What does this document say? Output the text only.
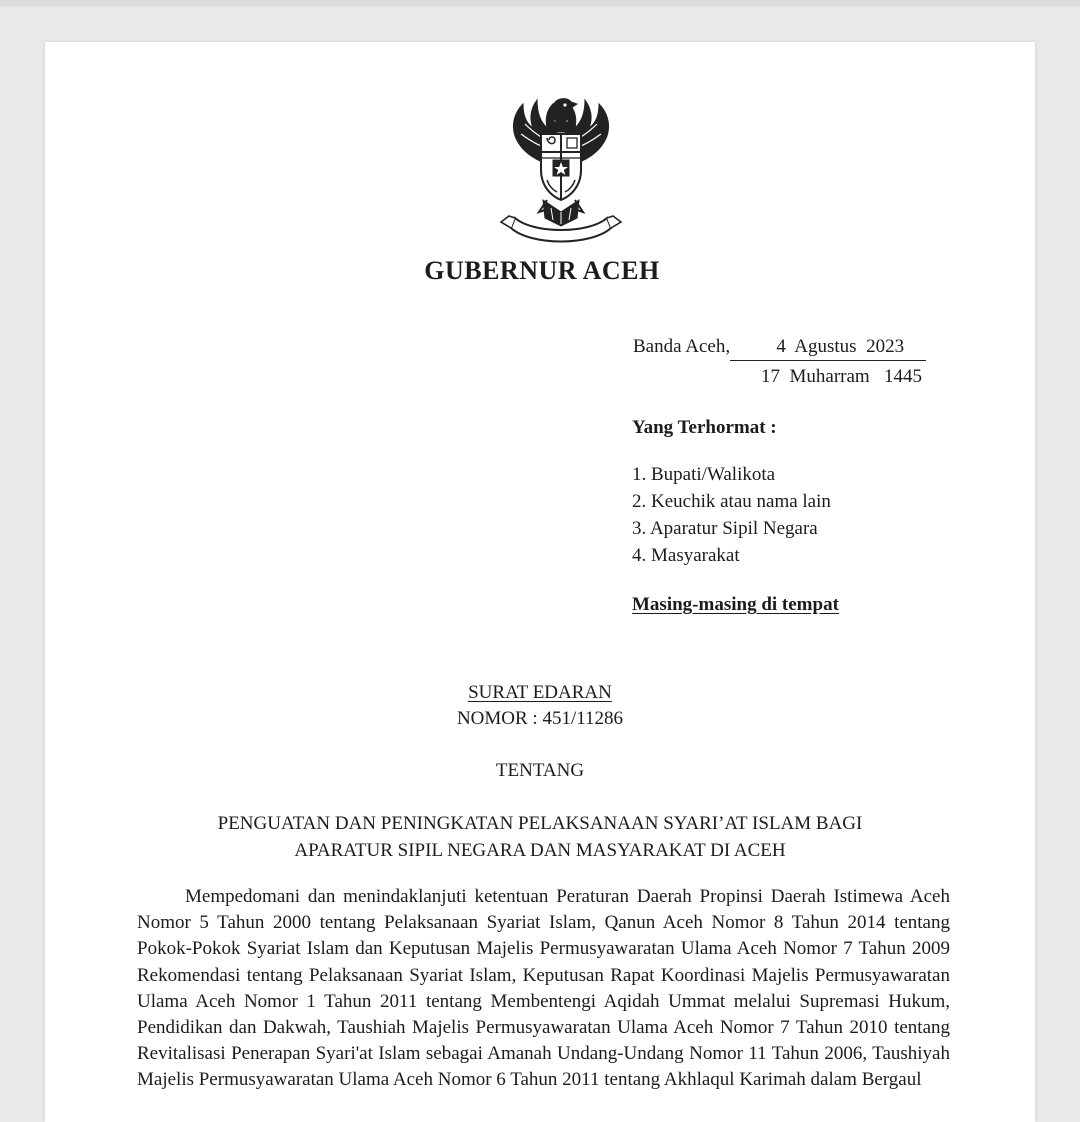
GUBERNUR ACEH
Banda Aceh,	4  Agustus  2023
17  Muharram   1445
Yang Terhormat :
1. Bupati/Walikota
2. Keuchik atau nama lain
3. Aparatur Sipil Negara
4. Masyarakat
Masing-masing di tempat
SURAT EDARAN
NOMOR : 451/11286
TENTANG
PENGUATAN DAN PENINGKATAN PELAKSANAAN SYARI’AT ISLAM BAGI
APARATUR SIPIL NEGARA DAN MASYARAKAT DI ACEH

Mempedomani dan menindaklanjuti ketentuan Peraturan Daerah Propinsi Daerah Istimewa Aceh Nomor 5 Tahun 2000 tentang Pelaksanaan Syariat Islam, Qanun Aceh Nomor 8 Tahun 2014 tentang Pokok-Pokok Syariat Islam dan Keputusan Majelis Permusyawaratan Ulama Aceh Nomor 7 Tahun 2009 Rekomendasi tentang Pelaksanaan Syariat Islam, Keputusan Rapat Koordinasi Majelis Permusyawaratan Ulama Aceh Nomor 1 Tahun 2011 tentang Membentengi Aqidah Ummat melalui Supremasi Hukum, Pendidikan dan Dakwah, Taushiah Majelis Permusyawaratan Ulama Aceh Nomor 7 Tahun 2010 tentang Revitalisasi Penerapan Syari'at Islam sebagai Amanah Undang-Undang Nomor 11 Tahun 2006, Taushiyah Majelis Permusyawaratan Ulama Aceh Nomor 6 Tahun 2011 tentang Akhlaqul Karimah dalam Bergaul
